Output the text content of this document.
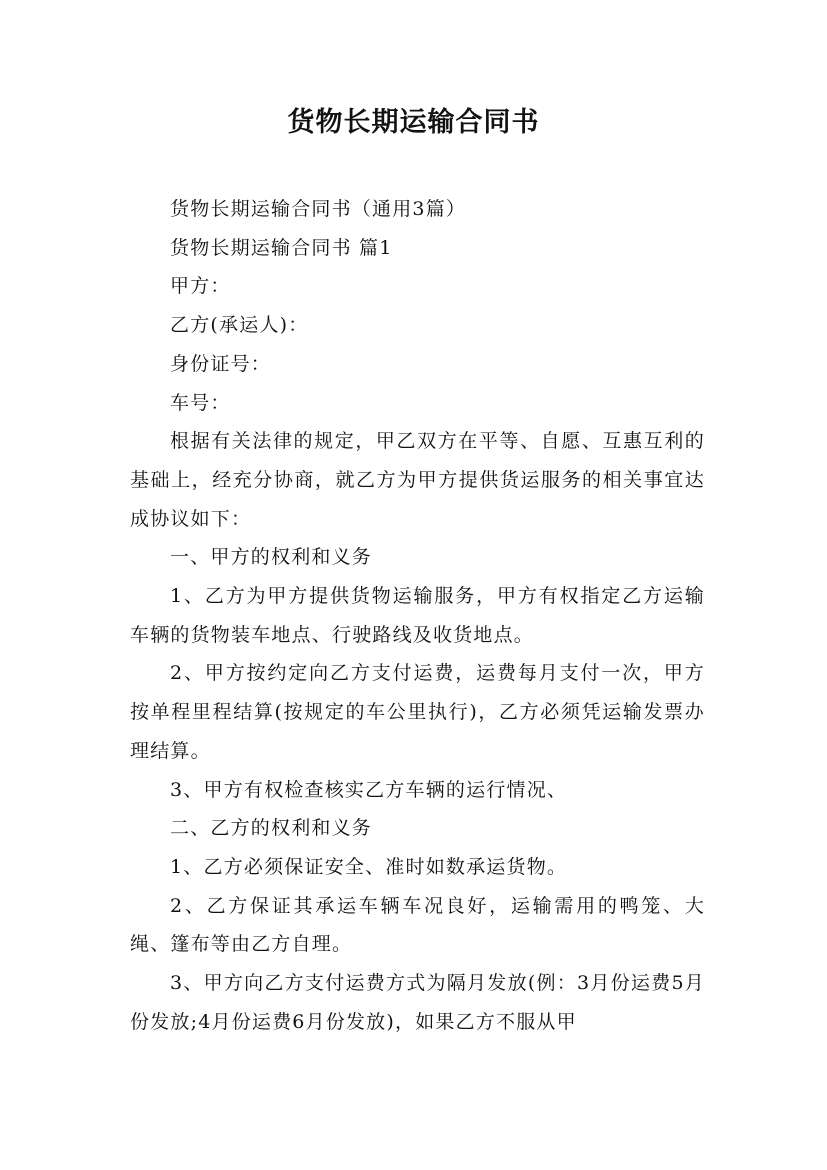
货物长期运输合同书

货物长期运输合同书（通用3篇）

货物长期运输合同书 篇1

甲方：

乙方(承运人)：

身份证号：

车号：

根据有关法律的规定，甲乙双方在平等、自愿、互惠互利的基础上，经充分协商，就乙方为甲方提供货运服务的相关事宜达成协议如下：

一、甲方的权利和义务

1、乙方为甲方提供货物运输服务，甲方有权指定乙方运输车辆的货物装车地点、行驶路线及收货地点。

2、甲方按约定向乙方支付运费，运费每月支付一次，甲方按单程里程结算(按规定的车公里执行)，乙方必须凭运输发票办理结算。

3、甲方有权检查核实乙方车辆的运行情况、

二、乙方的权利和义务

1、乙方必须保证安全、准时如数承运货物。

2、乙方保证其承运车辆车况良好，运输需用的鸭笼、大绳、篷布等由乙方自理。

3、甲方向乙方支付运费方式为隔月发放(例：3月份运费5月份发放;4月份运费6月份发放)，如果乙方不服从甲
